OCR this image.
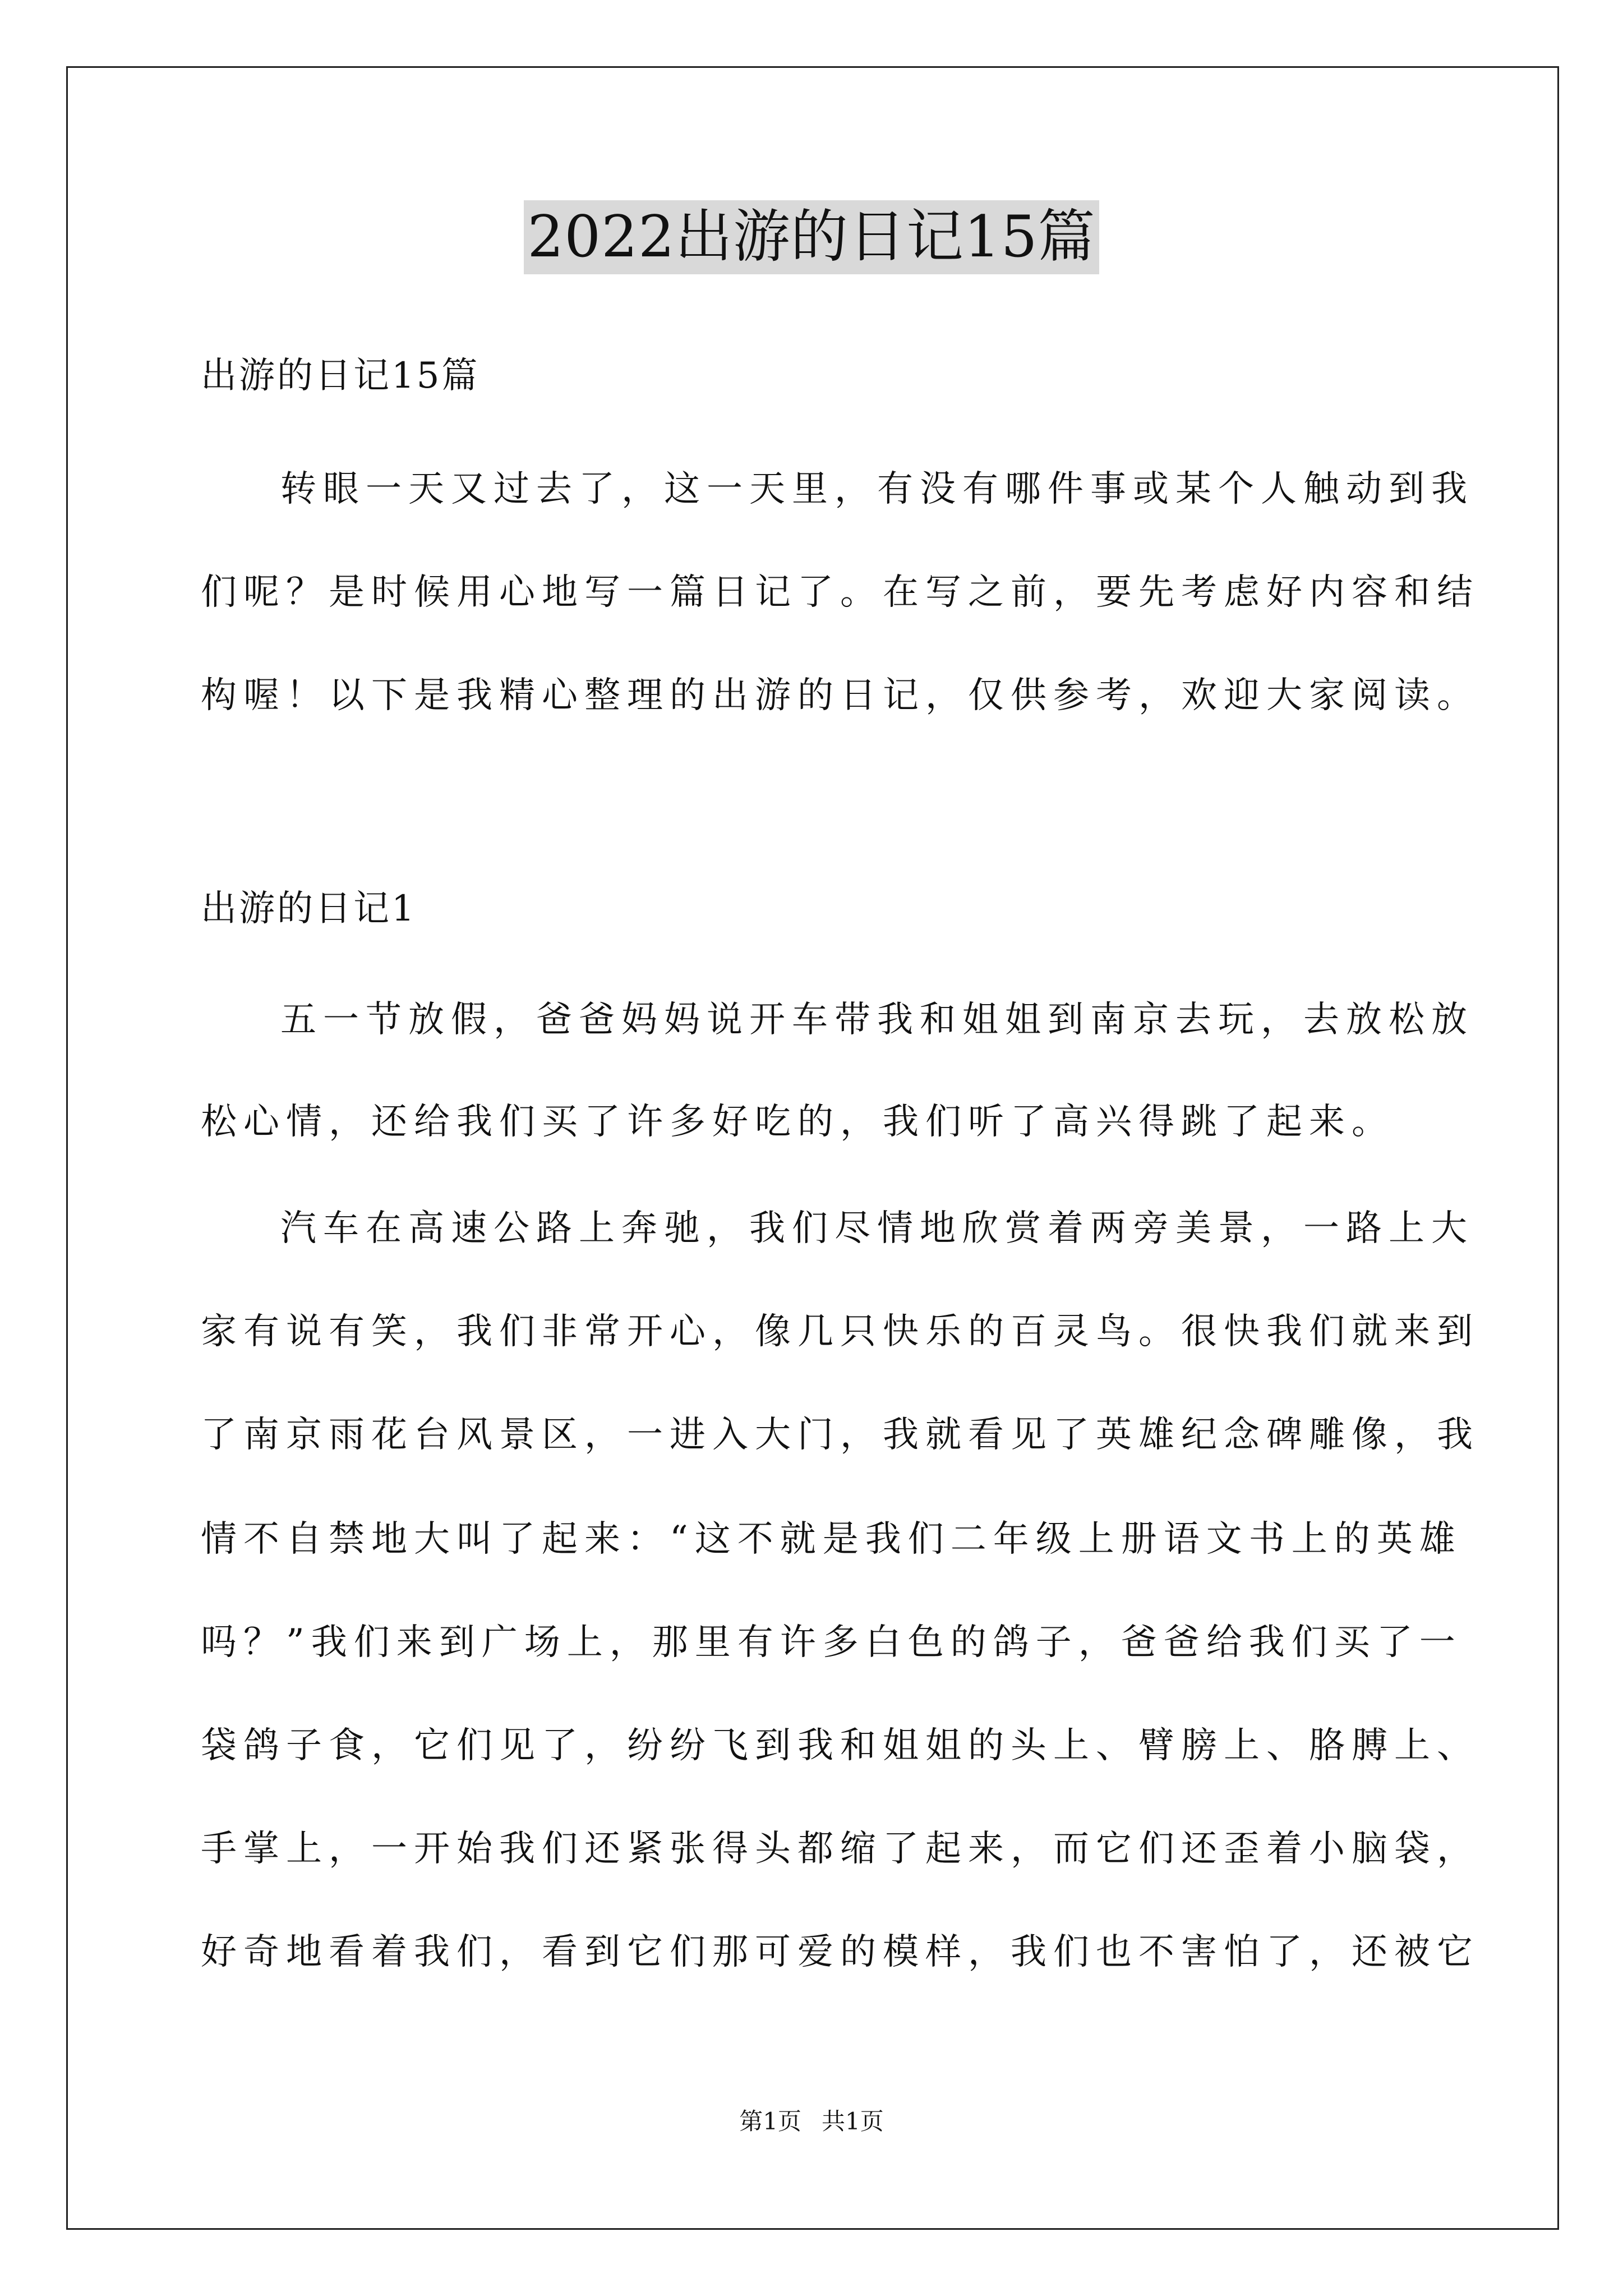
2022出游的日记15篇
出游的日记15篇
转眼一天又过去了，这一天里，有没有哪件事或某个人触动到我
们呢？是时候用心地写一篇日记了。在写之前，要先考虑好内容和结
构喔！以下是我精心整理的出游的日记，仅供参考，欢迎大家阅读。
出游的日记1
五一节放假，爸爸妈妈说开车带我和姐姐到南京去玩，去放松放
松心情，还给我们买了许多好吃的，我们听了高兴得跳了起来。
汽车在高速公路上奔驰，我们尽情地欣赏着两旁美景，一路上大
家有说有笑，我们非常开心，像几只快乐的百灵鸟。很快我们就来到
了南京雨花台风景区，一进入大门，我就看见了英雄纪念碑雕像，我
情不自禁地大叫了起来：“这不就是我们二年级上册语文书上的英雄
吗？”我们来到广场上，那里有许多白色的鸽子，爸爸给我们买了一
袋鸽子食，它们见了，纷纷飞到我和姐姐的头上、臂膀上、胳膊上、
手掌上，一开始我们还紧张得头都缩了起来，而它们还歪着小脑袋，
好奇地看着我们，看到它们那可爱的模样，我们也不害怕了，还被它
第1页 共1页
